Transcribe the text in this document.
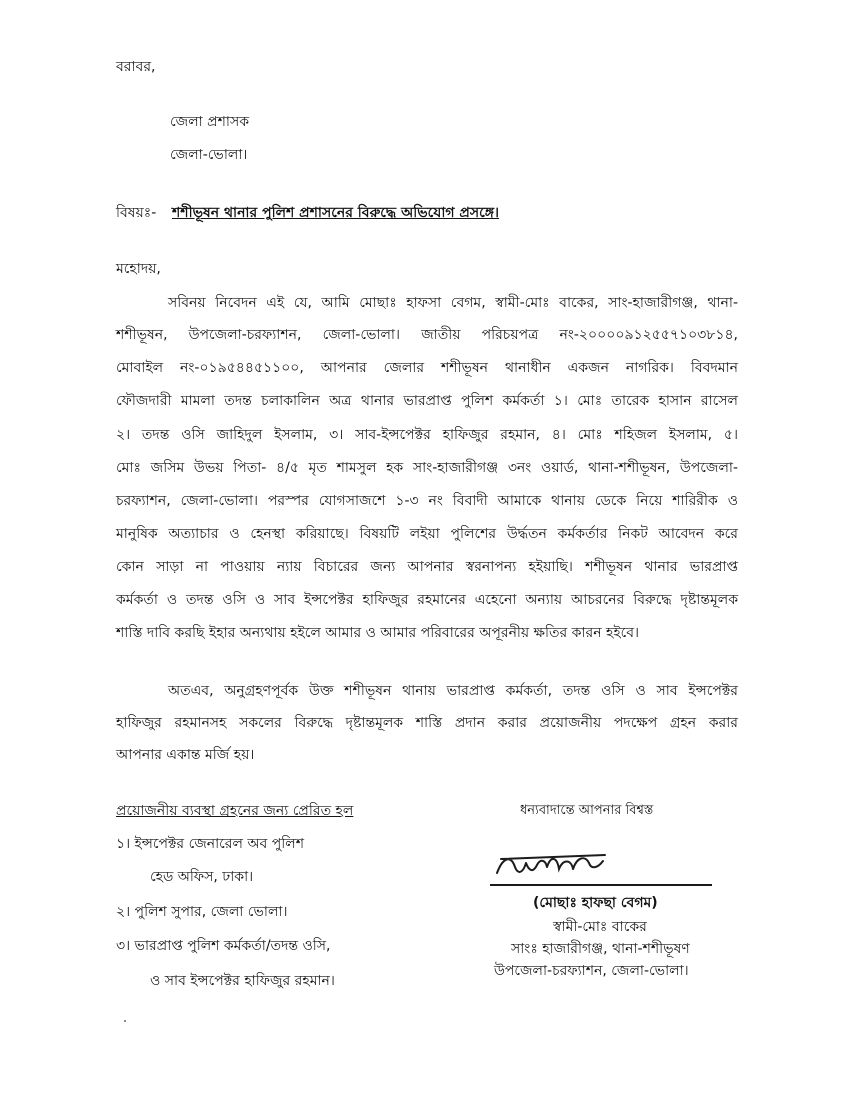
বরাবর,
জেলা প্রশাসক
জেলা-ভোলা।
বিষয়ঃ- শশীভূষন থানার পুলিশ প্রশাসনের বিরুদ্ধে অভিযোগ প্রসঙ্গে।
মহোদয়,
সবিনয় নিবেদন এই যে, আমি মোছাঃ হাফসা বেগম, স্বামী-মোঃ বাকের, সাং-হাজারীগঞ্জ, থানা-
শশীভূষন, উপজেলা-চরফ্যাশন, জেলা-ভোলা। জাতীয় পরিচয়পত্র নং-২০০০০৯১২৫৫৭১০৩৮১৪,
মোবাইল নং-০১৯৫৪৪৫১১০০, আপনার জেলার শশীভূষন থানাধীন একজন নাগরিক। বিবদমান
ফৌজদারী মামলা তদন্ত চলাকালিন অত্র থানার ভারপ্রাপ্ত পুলিশ কর্মকর্তা ১। মোঃ তারেক হাসান রাসেল
২। তদন্ত ওসি জাহিদুল ইসলাম, ৩। সাব-ইন্সপেক্টর হাফিজুর রহমান, ৪। মোঃ শহিজল ইসলাম, ৫।
মোঃ জসিম উভয় পিতা- ৪/৫ মৃত শামসুল হক সাং-হাজারীগঞ্জ ৩নং ওয়ার্ড, থানা-শশীভূষন, উপজেলা-
চরফ্যাশন, জেলা-ভোলা। পরস্পর যোগসাজশে ১-৩ নং বিবাদী আমাকে থানায় ডেকে নিয়ে শারিরীক ও
মানুষিক অত্যাচার ও হেনস্থা করিয়াছে। বিষয়টি লইয়া পুলিশের উর্দ্ধতন কর্মকর্তার নিকট আবেদন করে
কোন সাড়া না পাওয়ায় ন্যায় বিচারের জন্য আপনার স্বরনাপন্য হইয়াছি। শশীভূষন থানার ভারপ্রাপ্ত
কর্মকর্তা ও তদন্ত ওসি ও সাব ইন্সপেক্টর হাফিজুর রহমানের এহেনো অন্যায় আচরনের বিরুদ্ধে দৃষ্টান্তমূলক
শাস্তি দাবি করছি ইহার অন্যথায় হইলে আমার ও আমার পরিবারের অপূরনীয় ক্ষতির কারন হইবে।
অতএব, অনুগ্রহণপূর্বক উক্ত শশীভূষন থানায় ভারপ্রাপ্ত কর্মকর্তা, তদন্ত ওসি ও সাব ইন্সপেক্টর
হাফিজুর রহমানসহ সকলের বিরুদ্ধে দৃষ্টান্তমূলক শাস্তি প্রদান করার প্রয়োজনীয় পদক্ষেপ গ্রহন করার
আপনার একান্ত মর্জি হয়।
প্রয়োজনীয় ব্যবস্থা গ্রহনের জন্য প্রেরিত হল
১। ইন্সপেক্টর জেনারেল অব পুলিশ
হেড অফিস, ঢাকা।
২। পুলিশ সুপার, জেলা ভোলা।
৩। ভারপ্রাপ্ত পুলিশ কর্মকর্তা/তদন্ত ওসি,
ও সাব ইন্সপেক্টর হাফিজুর রহমান।
ধন্যবাদান্তে আপনার বিশ্বস্ত
(মোছাঃ হাফছা বেগম)
স্বামী-মোঃ বাকের
সাংঃ হাজারীগঞ্জ, থানা-শশীভূষণ
উপজেলা-চরফ্যাশন, জেলা-ভোলা।
